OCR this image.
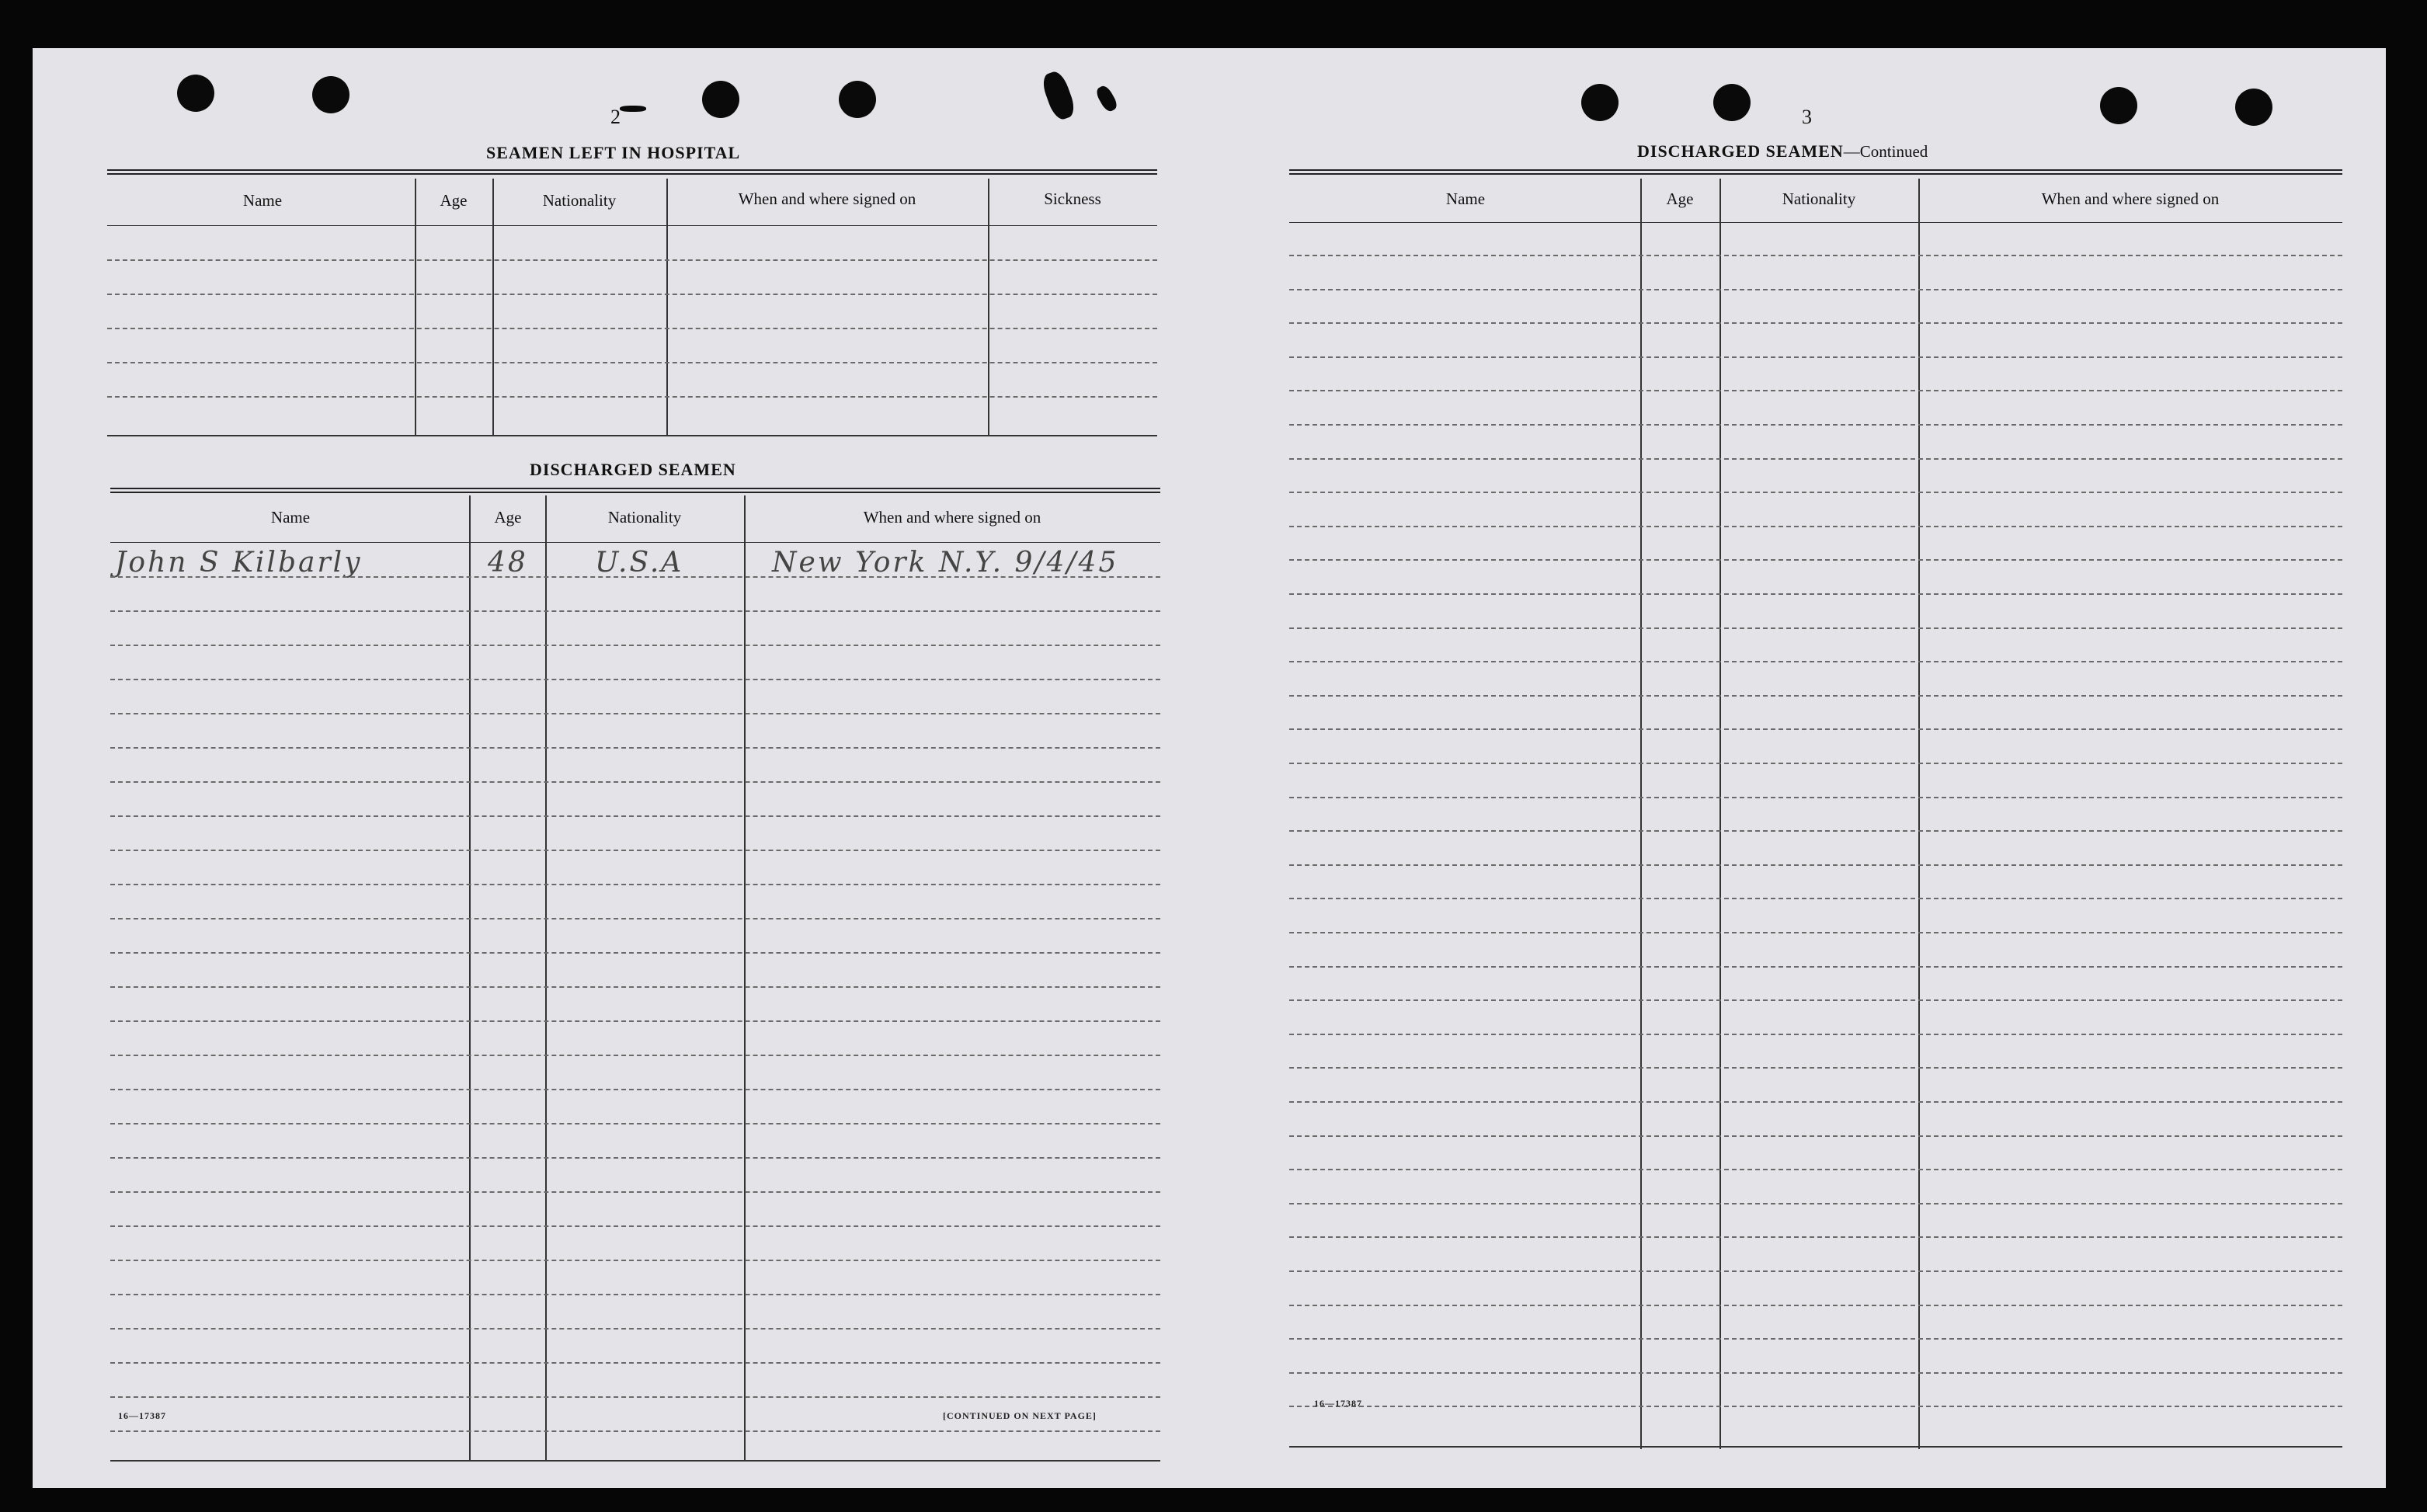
2
SEAMEN LEFT IN HOSPITAL
Name	Age	Nationality	When and where signed on	Sickness
DISCHARGED SEAMEN
Name	Age	Nationality	When and where signed on
John S Kilbarly	48 U.S.A	New York N.Y. 9/4/45
16—17387	[CONTINUED ON NEXT PAGE]
3
DISCHARGED SEAMEN—Continued
Name	Age	Nationality	When and where signed on
16—17387
